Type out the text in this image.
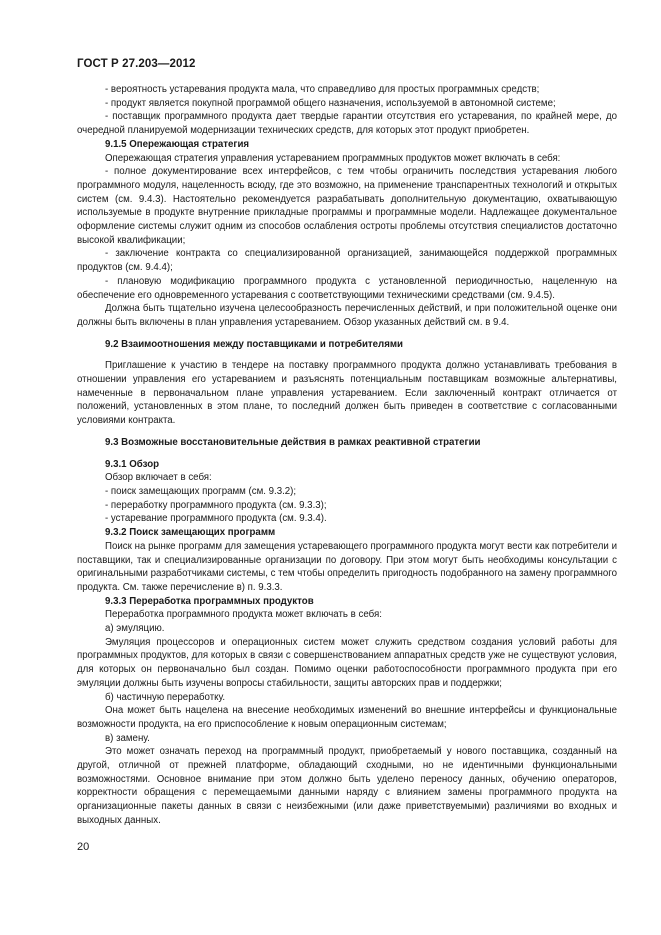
ГОСТ Р 27.203—2012
- вероятность устаревания продукта мала, что справедливо для простых программных средств;
- продукт является покупной программой общего назначения, используемой в автономной системе;
- поставщик программного продукта дает твердые гарантии отсутствия его устаревания, по крайней мере, до очередной планируемой модернизации технических средств, для которых этот продукт приобретен.
9.1.5 Опережающая стратегия
Опережающая стратегия управления устареванием программных продуктов может включать в себя:
- полное документирование всех интерфейсов, с тем чтобы ограничить последствия устаревания любого программного модуля, нацеленность всюду, где это возможно, на применение транспарентных технологий и открытых систем (см. 9.4.3). Настоятельно рекомендуется разрабатывать дополнительную документацию, охватывающую используемые в продукте внутренние прикладные программы и программные модели. Надлежащее документальное оформление системы служит одним из способов ослабления остроты проблемы отсутствия специалистов достаточно высокой квалификации;
- заключение контракта со специализированной организацией, занимающейся поддержкой программных продуктов (см. 9.4.4);
- плановую модификацию программного продукта с установленной периодичностью, нацеленную на обеспечение его одновременного устаревания с соответствующими техническими средствами (см. 9.4.5).
Должна быть тщательно изучена целесообразность перечисленных действий, и при положительной оценке они должны быть включены в план управления устареванием. Обзор указанных действий см. в 9.4.
9.2 Взаимоотношения между поставщиками и потребителями
Приглашение к участию в тендере на поставку программного продукта должно устанавливать требования в отношении управления его устареванием и разъяснять потенциальным поставщикам возможные альтернативы, намеченные в первоначальном плане управления устареванием. Если заключенный контракт отличается от положений, установленных в этом плане, то последний должен быть приведен в соответствие с согласованными условиями контракта.
9.3 Возможные восстановительные действия в рамках реактивной стратегии
9.3.1 Обзор
Обзор включает в себя:
- поиск замещающих программ (см. 9.3.2);
- переработку программного продукта (см. 9.3.3);
- устаревание программного продукта (см. 9.3.4).
9.3.2 Поиск замещающих программ
Поиск на рынке программ для замещения устаревающего программного продукта могут вести как потребители и поставщики, так и специализированные организации по договору. При этом могут быть необходимы консультации с оригинальными разработчиками системы, с тем чтобы определить пригодность подобранного на замену программного продукта. См. также перечисление в) п. 9.3.3.
9.3.3 Переработка программных продуктов
Переработка программного продукта может включать в себя:
а) эмуляцию.
Эмуляция процессоров и операционных систем может служить средством создания условий работы для программных продуктов, для которых в связи с совершенствованием аппаратных средств уже не существуют условия, для которых он первоначально был создан. Помимо оценки работоспособности программного продукта при его эмуляции должны быть изучены вопросы стабильности, защиты авторских прав и поддержки;
б) частичную переработку.
Она может быть нацелена на внесение необходимых изменений во внешние интерфейсы и функциональные возможности продукта, на его приспособление к новым операционным системам;
в) замену.
Это может означать переход на программный продукт, приобретаемый у нового поставщика, созданный на другой, отличной от прежней платформе, обладающий сходными, но не идентичными функциональными возможностями. Основное внимание при этом должно быть уделено переносу данных, обучению операторов, корректности обращения с перемещаемыми данными наряду с влиянием замены программного продукта на организационные пакеты данных в связи с неизбежными (или даже приветствуемыми) различиями во входных и выходных данных.
20
